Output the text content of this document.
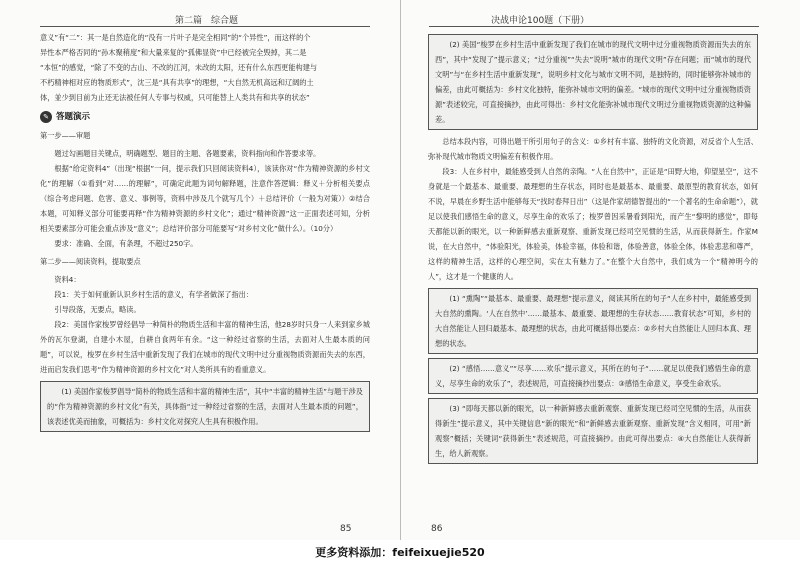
第二篇　综合题
85
决战申论100题（下册）
86

意义”有“二”：其一是自然造化的“没有一片叶子是完全相同”的“个异性”，而这样的个

异性本严格否同的“孙木聚稍度”和大量来复的“孤佛显资”中已经被完全毁掉，其二是

“本恒”的感觉，“除了不变的古山、不改的江河，未改的太阳，还有什么东西更能构建与

不朽精神相对应的物质形式”，沈三是“具有共享”的理想，“大自然无机高远和辽阔的土

体，並少到目前为止还无法被任何人专事与权威，只可能替上人类共有和共享的状态”

✎ 答题演示

第一步——审题

题过勾画题目关键点，明确题型、题目的主题、各题要素，资料指向和作答要求等。

根据“给定资料4”（出现“根据”一问，提示我们只回阅读资料4），该读你对“作为精神资源的乡村文化”的理解（①看到“对……的理解”，可确定此题为词句解释题，注意作答逻辑：释义＋分析相关要点（综合考虑问题、危害、意义、事例等，资料中涉及几个就写几个）＋总结评价（一般为对策））②结合本题，可知释义部分可能要再释“作为精神资源的乡村文化”；通过“精神资源”这一正面表述可知，分析相关要素部分可能会重点涉及“意义”；总结评价部分可能要写“对乡村文化”做什么）。（10分）

要求：准确、全面，有条理，不超过250字。

第二步——阅读资料，提取要点

资料4：

段1：关于如何重新认识乡村生活的意义，有学者做深了指出：

引导段落，无要点，略读。

段2：美国作家梭罗曾经倡导一种简朴的物质生活和丰富的精神生活，他28岁时只身一人来到家乡城外的瓦尔登湖，自建小木屋，自耕自食两年有余。“这一种经过省察的生活，去面对人生最本质的问题”，可以说，梭罗在乡村生活中重新发现了我们在城市的现代文明中过分重视物质资源而失去的东西，进而启发我们思考“作为精神资源的乡村文化”对人类所具有的看重意义。

(1) 美国作家梭罗倡导“简朴的物质生活和丰富的精神生活”，其中“丰富的精神生活”与题干涉及的“作为精神资源的乡村文化”有关，具体指“过一种经过省察的生活，去面对人生最本质的问题”，该表述优美而抽象，可概括为：乡村文化对探究人生具有积极作用。

(2) 美国“梭罗在乡村生活中重新发现了我们在城市的现代文明中过分重视物质资源而失去的东西”，其中“发现了”提示意义；“过分重视”“失去”说明“城市的现代文明”存在问题；而“城市的现代文明”与“在乡村生活中重新发现”，说明乡村文化与城市文明不同，是独特的，同时能够弥补城市的偏差，由此可概括为：乡村文化独特，能弥补城市文明的偏差。“城市的现代文明中过分重视物质资源”表述较完，可直接摘抄，由此可得出：乡村文化能弥补城市现代文明过分重视物质资源的这种偏差。

总结本段内容，可得出题干所引用句子的含义：①乡村有丰富、独特的文化资源，对反省个人生活、弥补现代城市物质文明偏差有积极作用。

段3：人在乡村中，最能感受到人自然的亲陶。“人在自然中”，正证是“田野大地，仰望星空”，这不身就是一个最基本、最重要、最理想的生存状态，同时也是最基本、最重要、最原型的教育状态，如何不说，早晨在乡野生活中能够每天“找时春拜日出”（这是作家胡德智提出的“一个著名的生命命题”），就足以使我们感悟生命的意义，尽享生命的欢乐了；梭罗曾因采暑看到阳光，而产生“黎明的感觉”，即每天都能以新的眼光，以一种新鲜感去重新观察、重新发现已经司空见惯的生活，从而获得新生。作家M说，在大自然中，“体验阳光，体验美，体验幸福，体验和谐，体验善意，体验全体，体验悲悲和尊严，这样的精神生活，这样的心理空间，实在太有魅力了。”在整个大自然中，我们成为一个“精神明今的人”，这才是一个健康的人。

(1) “熏陶”“最基本、最重要、最理想”提示意义，阅读其所在的句子“人在乡村中，最能感受到大自然的熏陶。‘人在自然中’……最基本、最重要、最理想的生存状态……教育状态”可知，乡村的大自然能让人回归最基本、最理想的状态，由此可概括得出要点：②乡村大自然能让人回归本真、理想的状态。

(2) “感悟……意义”“尽享……欢乐”提示意义，其所在的句子“……就足以使我们感悟生命的意义，尽享生命的欢乐了”，表述规范，可直接摘抄出要点：③感悟生命意义，享受生命欢乐。

(3) “即每天都以新的眼光，以一种新鲜感去重新观察、重新发现已经司空见惯的生活，从而获得新生”提示意义，其中关键信息“新的眼光”和“新鲜感去重新观察、重新发现”含义相同，可用“新观察”概括；关键词“获得新生”表述规范，可直接摘抄。由此可得出要点：④大自然能让人获得新生，给人新观察。

更多资料添加：feifeixuejie520
